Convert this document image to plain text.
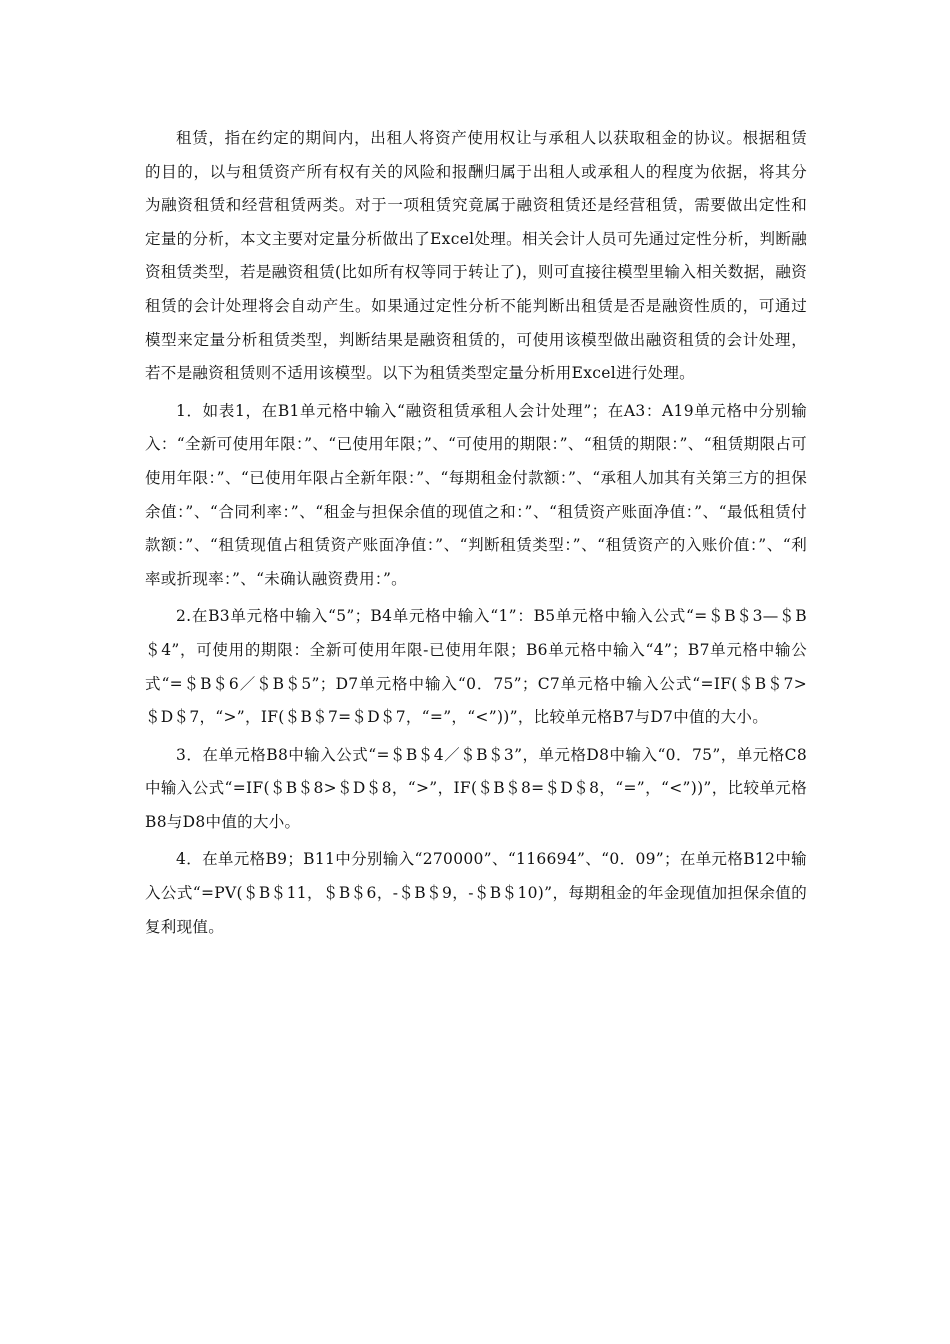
租赁，指在约定的期间内，出租人将资产使用权让与承租人以获取租金的协议。根据租赁的目的，以与租赁资产所有权有关的风险和报酬归属于出租人或承租人的程度为依据，将其分为融资租赁和经营租赁两类。对于一项租赁究竟属于融资租赁还是经营租赁，需要做出定性和定量的分析，本文主要对定量分析做出了Excel处理。相关会计人员可先通过定性分析，判断融资租赁类型，若是融资租赁(比如所有权等同于转让了)，则可直接往模型里输入相关数据，融资租赁的会计处理将会自动产生。如果通过定性分析不能判断出租赁是否是融资性质的，可通过模型来定量分析租赁类型，判断结果是融资租赁的，可使用该模型做出融资租赁的会计处理，若不是融资租赁则不适用该模型。以下为租赁类型定量分析用Excel进行处理。

1．如表1，在B1单元格中输入“融资租赁承租人会计处理”；在A3：A19单元格中分别输入：“全新可使用年限：”、“已使用年限；”、“可使用的期限：”、“租赁的期限：”、“租赁期限占可使用年限：”、“已使用年限占全新年限：”、“每期租金付款额：”、“承租人加其有关第三方的担保余值：”、“合同利率：”、“租金与担保余值的现值之和：”、“租赁资产账面净值：”、“最低租赁付款额：”、“租赁现值占租赁资产账面净值：”、“判断租赁类型：”、“租赁资产的入账价值：”、“利率或折现率：”、“未确认融资费用：”。

2.在B3单元格中输入“5”；B4单元格中输入“1”：B5单元格中输入公式“=＄B＄3—＄B＄4”，可使用的期限：全新可使用年限-已使用年限；B6单元格中输入“4”；B7单元格中输公式“=＄B＄6／＄B＄5”；D7单元格中输入“0．75”；C7单元格中输入公式“=IF(＄B＄7>＄D＄7，“>”，IF(＄B＄7=＄D＄7，“=”，“<”))”，比较单元格B7与D7中值的大小。

3．在单元格B8中输入公式“=＄B＄4／＄B＄3”，单元格D8中输入“0．75”，单元格C8中输入公式“=IF(＄B＄8>＄D＄8，“>”，IF(＄B＄8=＄D＄8，“=”，“<”))”，比较单元格B8与D8中值的大小。

4．在单元格B9；B11中分别输入“270000”、“116694”、“0．09”；在单元格B12中输入公式“=PV(＄B＄11，＄B＄6，-＄B＄9，-＄B＄10)”，每期租金的年金现值加担保余值的复利现值。
